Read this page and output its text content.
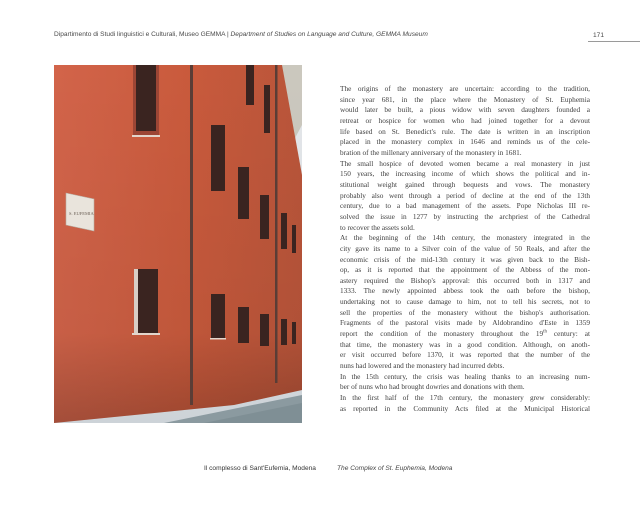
Dipartimento di Studi linguistici e Culturali, Museo GEMMA | Department of Studies on Language and Culture, GEMMA Museum	171
S. EUFEMIA
The origins of the monastery are uncertain: according to the tradition,
since year 681, in the place where the Monastery of St. Euphemia
would later be built, a pious widow with seven daughters founded a
retreat or hospice for women who had joined together for a devout
life based on St. Benedict's rule. The date is written in an inscription
placed in the monastery complex in 1646 and reminds us of the cele-
bration of the millenary anniversary of the monastery in 1681.
The small hospice of devoted women became a real monastery in just
150 years, the increasing income of which shows the political and in-
stitutional weight gained through bequests and vows. The monastery
probably also went through a period of decline at the end of the 13th
century, due to a bad management of the assets. Pope Nicholas III re-
solved the issue in 1277 by instructing the archpriest of the Cathedral
to recover the assets sold.
At the beginning of the 14th century, the monastery integrated in the
city gave its name to a Silver coin of the value of 50 Reals, and after the
economic crisis of the mid-13th century it was given back to the Bish-
op, as it is reported that the appointment of the Abbess of the mon-
astery required the Bishop's approval: this occurred both in 1317 and
1333. The newly appointed abbess took the oath before the bishop,
undertaking not to cause damage to him, not to tell his secrets, not to
sell the properties of the monastery without the bishop's authorisation.
Fragments of the pastoral visits made by Aldobrandino d'Este in 1359
report the condition of the monastery throughout the 19th century: at
that time, the monastery was in a good condition. Although, on anoth-
er visit occurred before 1370, it was reported that the number of the
nuns had lowered and the monastery had incurred debts.
In the 15th century, the crisis was healing thanks to an increasing num-
ber of nuns who had brought dowries and donations with them.
In the first half of the 17th century, the monastery grew considerably:
as reported in the Community Acts filed at the Municipal Historical
Il complesso di Sant'Eufemia, Modena	The Complex of St. Euphemia, Modena
